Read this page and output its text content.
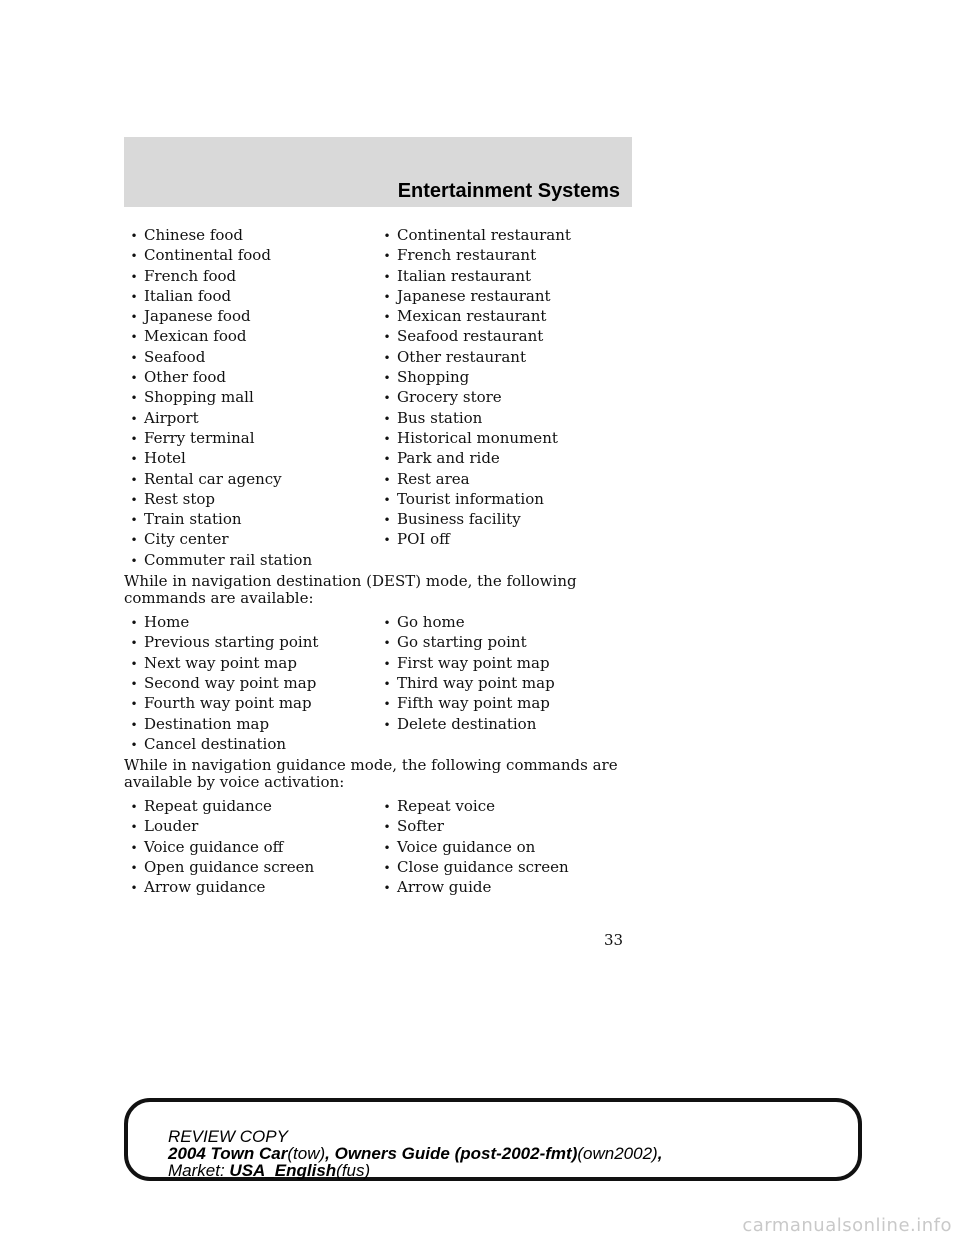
Entertainment Systems
• Chinese food	• Continental restaurant
• Continental food	• French restaurant
• French food	• Italian restaurant
• Italian food	• Japanese restaurant
• Japanese food	• Mexican restaurant
• Mexican food	• Seafood restaurant
• Seafood	• Other restaurant
• Other food	• Shopping
• Shopping mall	• Grocery store
• Airport	• Bus station
• Ferry terminal	• Historical monument
• Hotel	• Park and ride
• Rental car agency	• Rest area
• Rest stop	• Tourist information
• Train station	• Business facility
• City center	• POI off
• Commuter rail station

While in navigation destination (DEST) mode, the following commands are available:

• Home	• Go home
• Previous starting point	• Go starting point
• Next way point map	• First way point map
• Second way point map	• Third way point map
• Fourth way point map	• Fifth way point map
• Destination map	• Delete destination
• Cancel destination

While in navigation guidance mode, the following commands are available by voice activation:

• Repeat guidance	• Repeat voice
• Louder	• Softer
• Voice guidance off	• Voice guidance on
• Open guidance screen	• Close guidance screen
• Arrow guidance	• Arrow guide
33
REVIEW COPY
2004 Town Car(tow), Owners Guide (post-2002-fmt)(own2002),
Market: USA_English(fus)
carmanualsonline.info
